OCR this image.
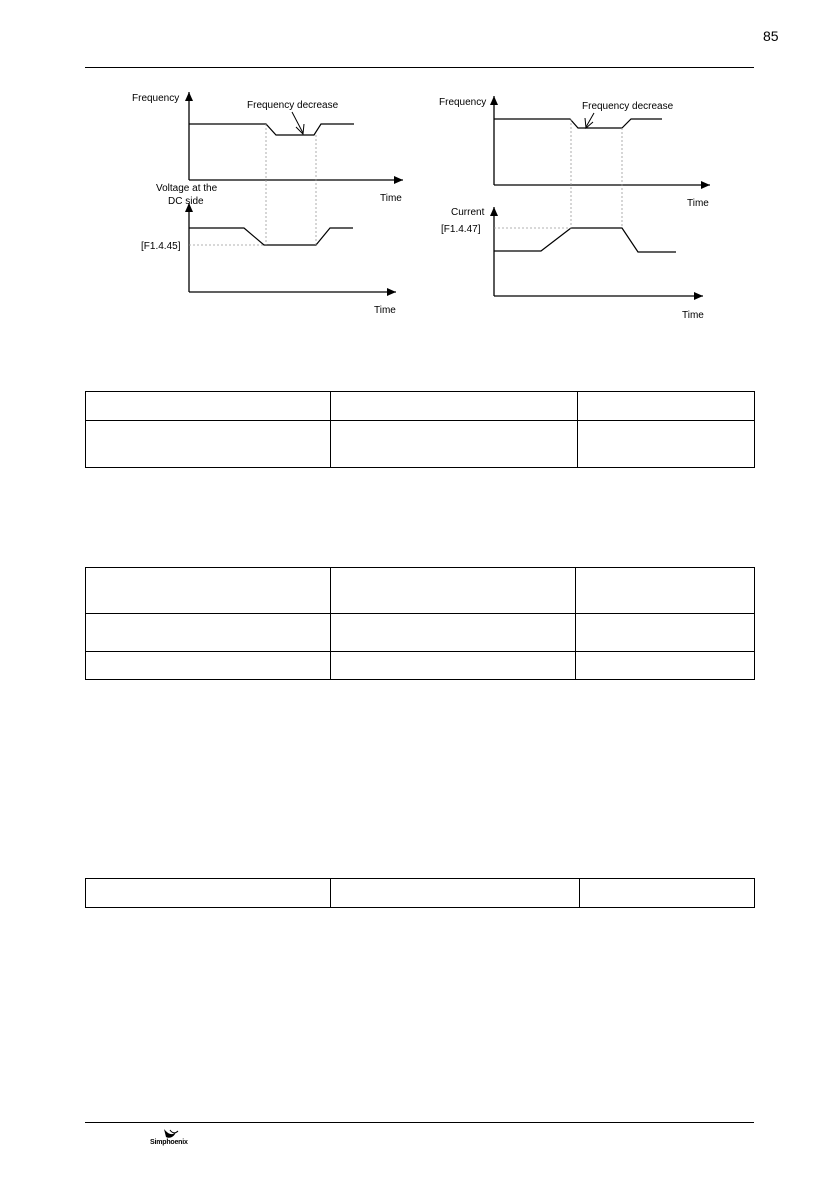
85
Frequency
Frequency decrease
Time
Voltage at the
DC side
[F1.4.45]
Time
Frequency	Frequency decrease
Time
Current
[F1.4.47]
Time

Simphoenix
